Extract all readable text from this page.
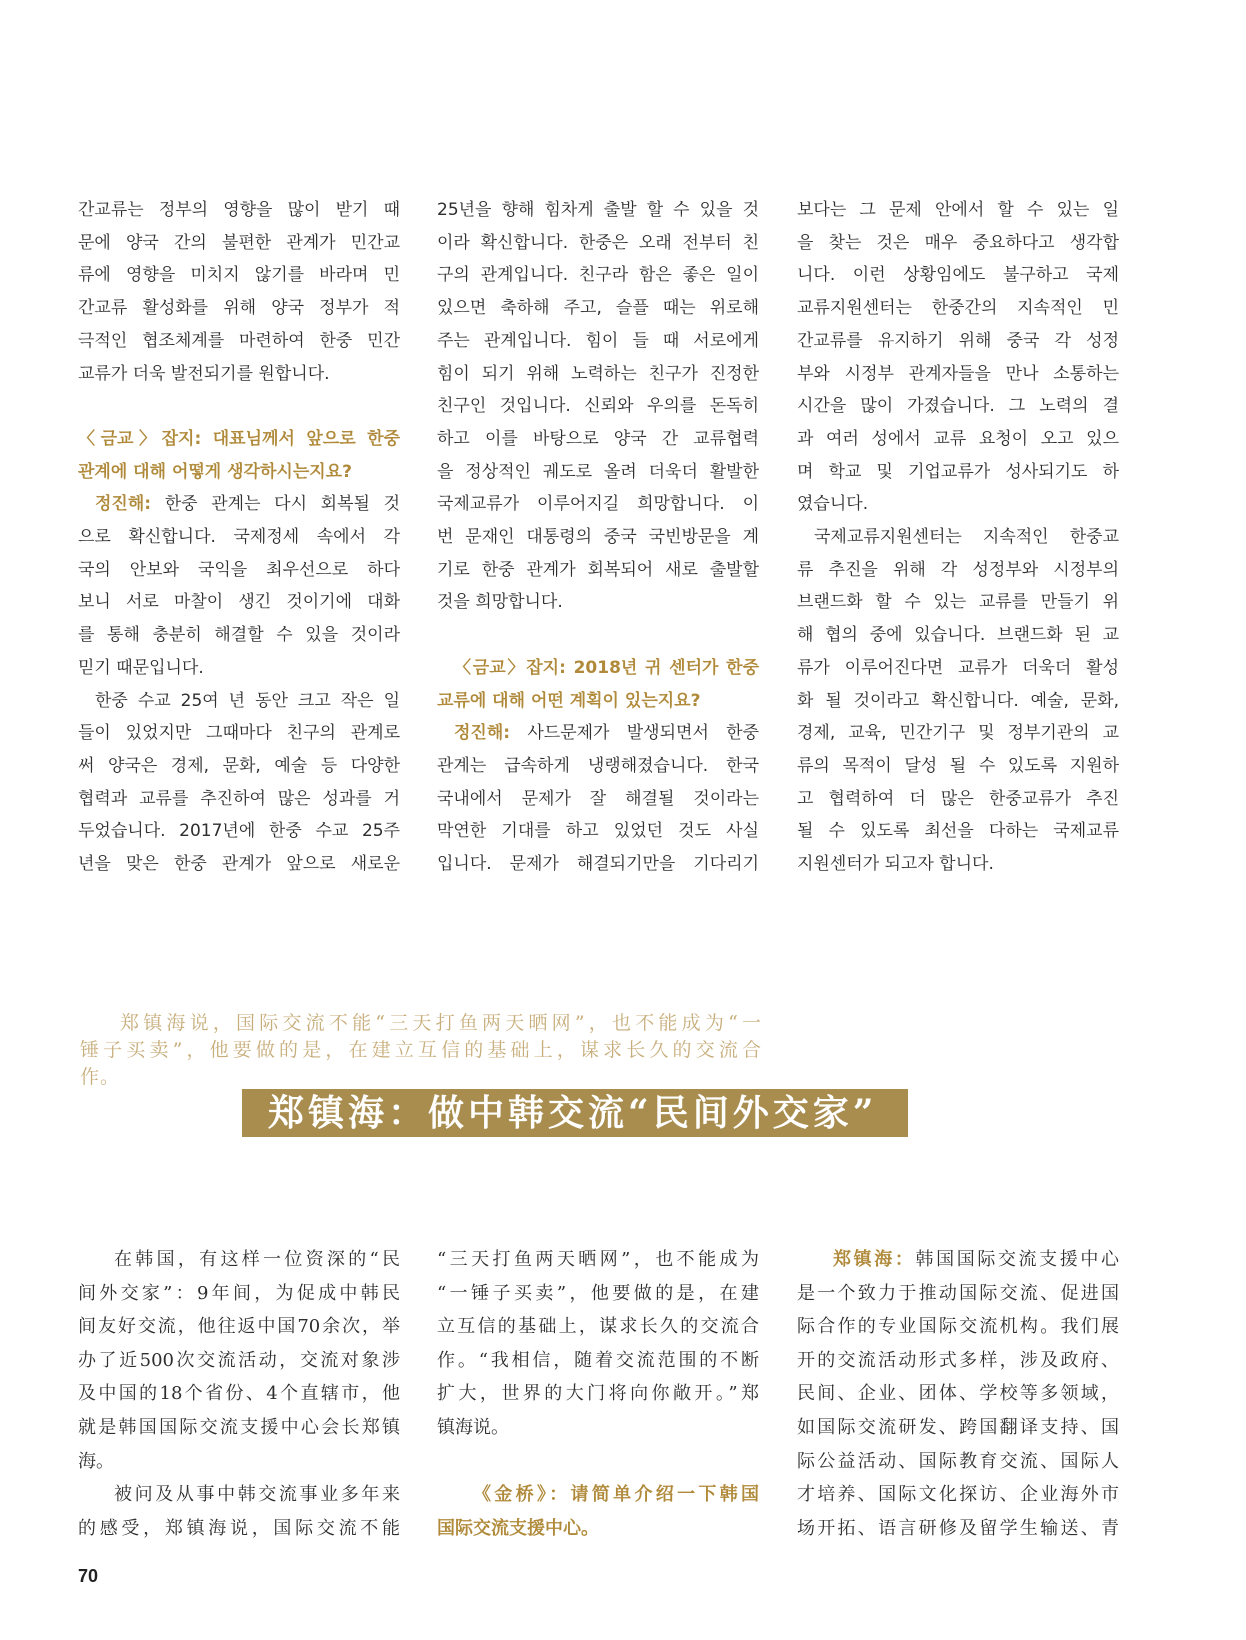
간교류는 정부의 영향을 많이 받기 때

문에 양국 간의 불편한 관계가 민간교

류에 영향을 미치지 않기를 바라며 민

간교류 활성화를 위해 양국 정부가 적

극적인 협조체계를 마련하여 한중 민간

교류가 더욱 발전되기를 원합니다.

〈금교〉잡지: 대표님께서 앞으로 한중

관계에 대해 어떻게 생각하시는지요?

정진해: 한중 관계는 다시 회복될 것

으로 확신합니다. 국제정세 속에서 각

국의 안보와 국익을 최우선으로 하다

보니 서로 마찰이 생긴 것이기에 대화

를 통해 충분히 해결할 수 있을 것이라

믿기 때문입니다.

한중 수교 25여 년 동안 크고 작은 일

들이 있었지만 그때마다 친구의 관계로

써 양국은 경제, 문화, 예술 등 다양한

협력과 교류를 추진하여 많은 성과를 거

두었습니다. 2017년에 한중 수교 25주

년을 맞은 한중 관계가 앞으로 새로운

25년을 향해 힘차게 출발 할 수 있을 것

이라 확신합니다. 한중은 오래 전부터 친

구의 관계입니다. 친구라 함은 좋은 일이

있으면 축하해 주고, 슬플 때는 위로해

주는 관계입니다. 힘이 들 때 서로에게

힘이 되기 위해 노력하는 친구가 진정한

친구인 것입니다. 신뢰와 우의를 돈독히

하고 이를 바탕으로 양국 간 교류협력

을 정상적인 궤도로 올려 더욱더 활발한

국제교류가 이루어지길 희망합니다. 이

번 문재인 대통령의 중국 국빈방문을 계

기로 한중 관계가 회복되어 새로 출발할

것을 희망합니다.

〈금교〉잡지: 2018년 귀 센터가 한중

교류에 대해 어떤 계획이 있는지요?

정진해: 사드문제가 발생되면서 한중

관계는 급속하게 냉랭해졌습니다. 한국

국내에서 문제가 잘 해결될 것이라는

막연한 기대를 하고 있었던 것도 사실

입니다. 문제가 해결되기만을 기다리기

보다는 그 문제 안에서 할 수 있는 일

을 찾는 것은 매우 중요하다고 생각합

니다. 이런 상황임에도 불구하고 국제

교류지원센터는 한중간의 지속적인 민

간교류를 유지하기 위해 중국 각 성정

부와 시정부 관계자들을 만나 소통하는

시간을 많이 가졌습니다. 그 노력의 결

과 여러 성에서 교류 요청이 오고 있으

며 학교 및 기업교류가 성사되기도 하

였습니다.

국제교류지원센터는 지속적인 한중교

류 추진을 위해 각 성정부와 시정부의

브랜드화 할 수 있는 교류를 만들기 위

해 협의 중에 있습니다. 브랜드화 된 교

류가 이루어진다면 교류가 더욱더 활성

화 될 것이라고 확신합니다. 예술, 문화,

경제, 교육, 민간기구 및 정부기관의 교

류의 목적이 달성 될 수 있도록 지원하

고 협력하여 더 많은 한중교류가 추진

될 수 있도록 최선을 다하는 국제교류

지원센터가 되고자 합니다.

郑镇海说，国际交流不能“三天打鱼两天晒网”，也不能成为“一
锤子买卖”，他要做的是，在建立互信的基础上，谋求长久的交流合
作。
郑镇海：做中韩交流“民间外交家”

在韩国，有这样一位资深的“民

间外交家”：9年间，为促成中韩民

间友好交流，他往返中国70余次，举

办了近500次交流活动，交流对象涉

及中国的18个省份、4个直辖市，他

就是韩国国际交流支援中心会长郑镇

海。

被问及从事中韩交流事业多年来

的感受，郑镇海说，国际交流不能

“三天打鱼两天晒网”，也不能成为

“一锤子买卖”，他要做的是，在建

立互信的基础上，谋求长久的交流合

作。“我相信，随着交流范围的不断

扩大，世界的大门将向你敞开。”郑

镇海说。

《金桥》：请简单介绍一下韩国

国际交流支援中心。

郑镇海：韩国国际交流支援中心

是一个致力于推动国际交流、促进国

际合作的专业国际交流机构。我们展

开的交流活动形式多样，涉及政府、

民间、企业、团体、学校等多领域，

如国际交流研发、跨国翻译支持、国

际公益活动、国际教育交流、国际人

才培养、国际文化探访、企业海外市

场开拓、语言研修及留学生输送、青

70
